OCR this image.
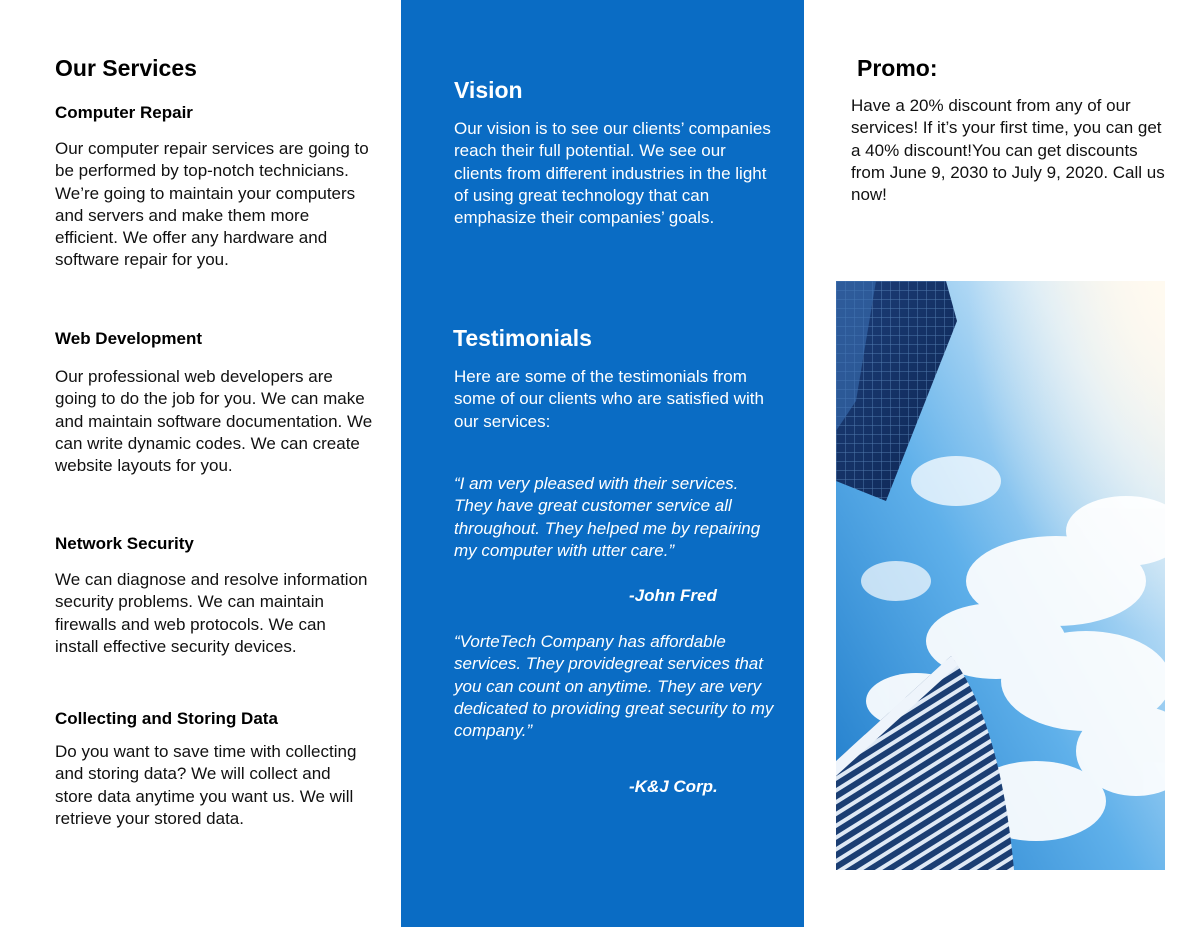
Our Services
Computer Repair

Our computer repair services are going to be performed by top-notch technicians. We’re going to maintain your computers and servers and make them more efficient. We offer any hardware and software repair for you.

Web Development

Our professional web developers are going to do the job for you. We can make and maintain software documentation. We can write dynamic codes. We can create website layouts for you.

Network Security

We can diagnose and resolve information security problems. We can maintain firewalls and web protocols. We can install effective security devices.

Collecting and Storing Data

Do you want to save time with collecting and storing data? We will collect and store data anytime you want us. We will retrieve your stored data.

Vision

Our vision is to see our clients’ companies reach their full potential. We see our clients from different industries in the light of using great technology that can emphasize their companies’ goals.

Testimonials

Here are some of the testimonials from some of our clients who are satisfied with our services:

“I am very pleased with their services. They have great customer service all throughout. They helped me by repairing my computer with utter care.”

-John Fred

“VorteTech Company has affordable services. They providegreat services that you can count on anytime. They are very dedicated to providing great security to my company.”

-K&J Corp.

Promo:

Have a 20% discount from any of our services! If it’s your first time, you can get a 40% discount!You can get discounts from June 9, 2030 to July 9, 2020. Call us now!
